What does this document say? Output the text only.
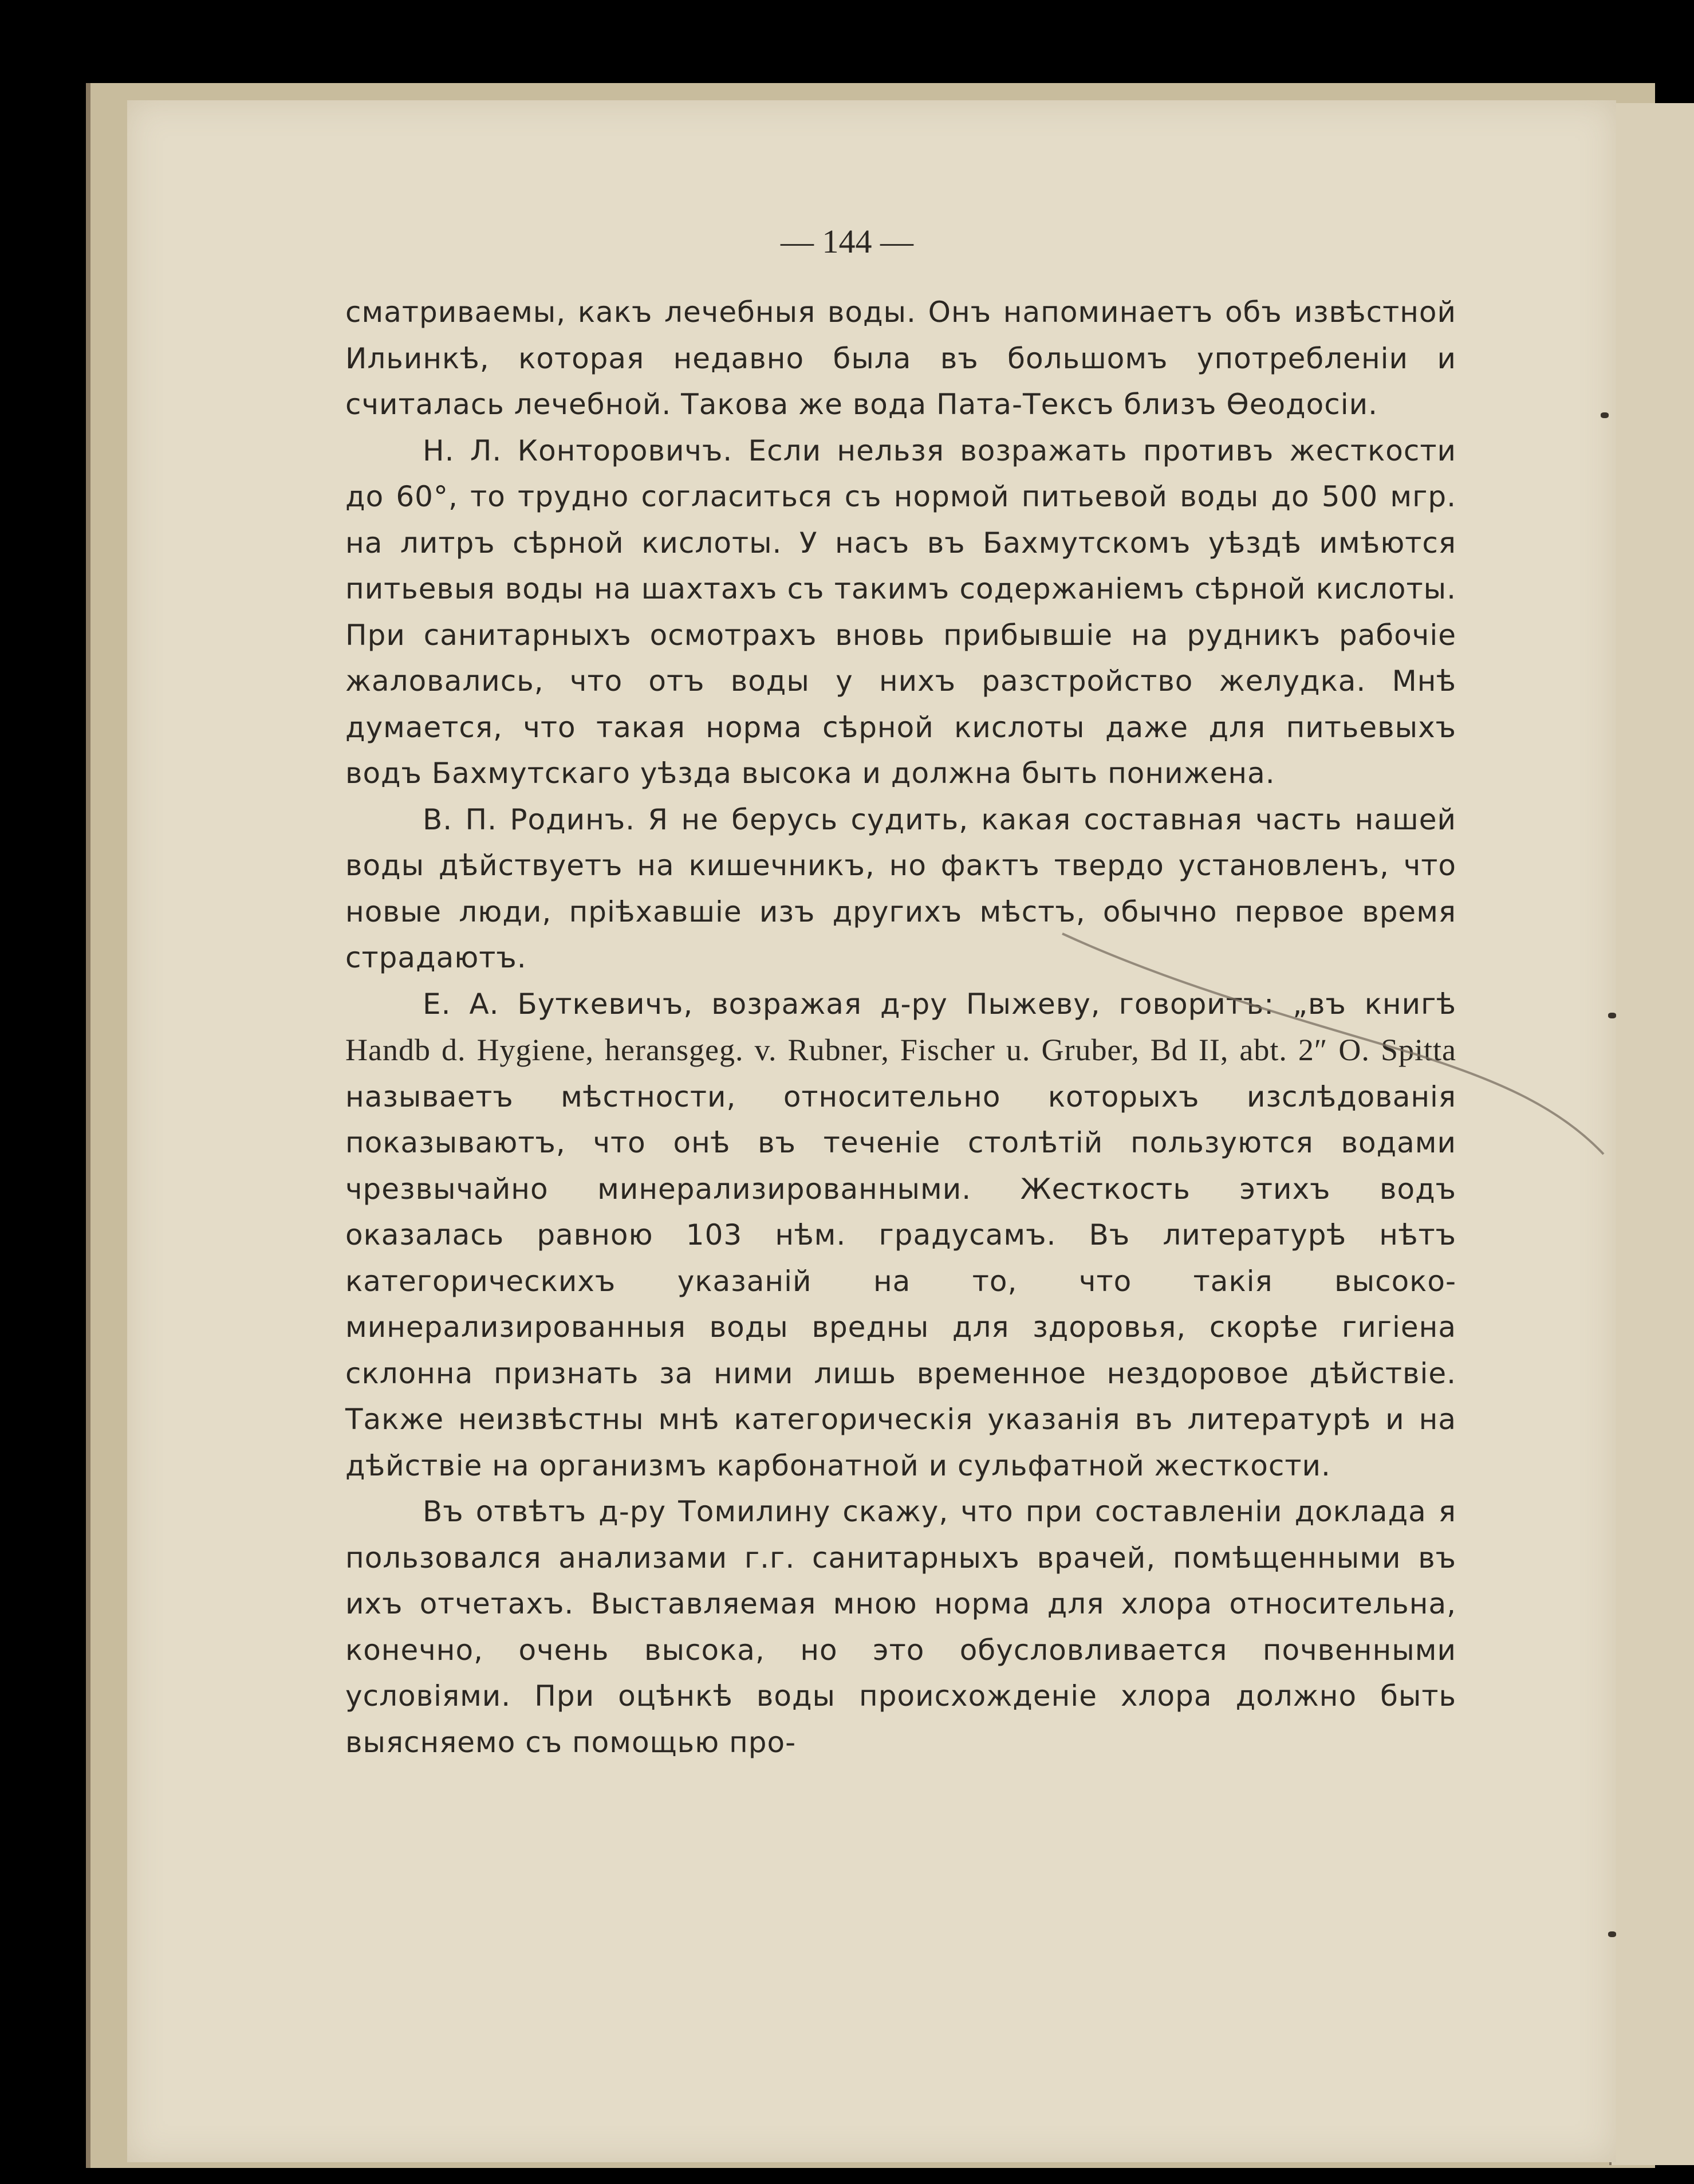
— 144 —

сматриваемы, какъ лечебныя воды. Онъ напоминаетъ объ извѣстной Ильинкѣ, которая недавно была въ большомъ употребленіи и считалась лечебной. Такова же вода Пата-Тексъ близъ Ѳеодосіи.

Н. Л. Конторовичъ. Если нельзя возражать противъ жесткости до 60°, то трудно согласиться съ нормой питьевой воды до 500 мгр. на литръ сѣрной кислоты. У насъ въ Бахмутскомъ уѣздѣ имѣются питьевыя воды на шахтахъ съ такимъ содержаніемъ сѣрной кислоты. При санитарныхъ осмотрахъ вновь прибывшіе на рудникъ рабочіе жаловались, что отъ воды у нихъ разстройство желудка. Мнѣ думается, что такая норма сѣрной кислоты даже для питьевыхъ водъ Бахмутскаго уѣзда высока и должна быть понижена.

В. П. Родинъ. Я не берусь судить, какая составная часть нашей воды дѣйствуетъ на кишечникъ, но фактъ твердо установленъ, что новые люди, пріѣхавшіе изъ другихъ мѣстъ, обычно первое время страдаютъ.

Е. А. Буткевичъ, возражая д-ру Пыжеву, говоритъ: „въ книгѣ Handb d. Hygiene, heransgeg. v. Rubner, Fischer u. Gruber, Bd II, abt. 2″ O. Spitta называетъ мѣстности, относительно которыхъ изслѣдованія показываютъ, что онѣ въ теченіе столѣтій пользуются водами чрезвычайно минерализированными. Жесткость этихъ водъ оказалась равною 103 нѣм. градусамъ. Въ литературѣ нѣтъ категорическихъ указаній на то, что такія высоко-минерализированныя воды вредны для здоровья, скорѣе гигіена склонна признать за ними лишь временное нездоровое дѣйствіе. Также неизвѣстны мнѣ категорическія указанія въ литературѣ и на дѣйствіе на организмъ карбонатной и сульфатной жесткости.

Въ отвѣтъ д-ру Томилину скажу, что при составленіи доклада я пользовался анализами г.г. санитарныхъ врачей, помѣщенными въ ихъ отчетахъ. Выставляемая мною норма для хлора относительна, конечно, очень высока, но это обусловливается почвенными условіями. При оцѣнкѣ воды происхожденіе хлора должно быть выясняемо съ помощью про-
